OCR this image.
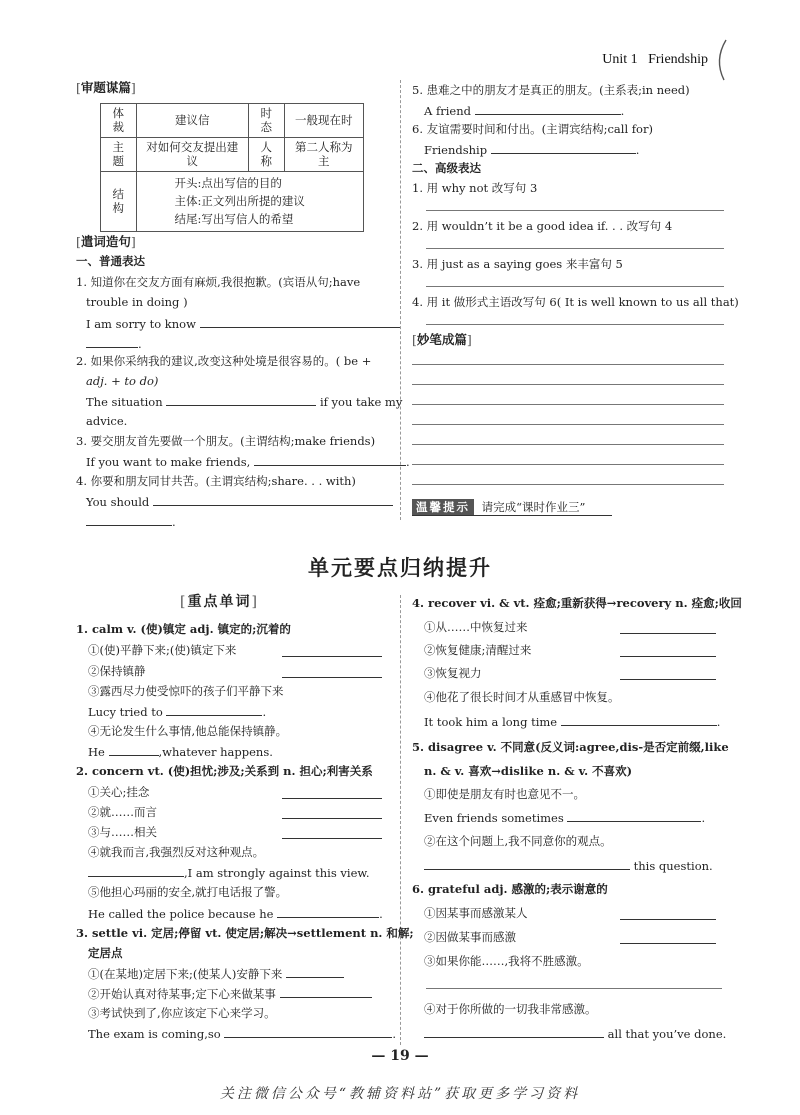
Unit 1 Friendship
[审题谋篇]
体裁	建议信	时态	一般现在时
主题	对如何交友提出建议	人称	第二人称为主
结构	开头:点出写信的目的
主体:正文列出所提的建议
结尾:写出写信人的希望		
[遣词造句]
一、普通表达
1. 知道你在交友方面有麻烦,我很抱歉。(宾语从句;have
trouble in doing )
I am sorry to know
.
2. 如果你采纳我的建议,改变这种处境是很容易的。( be +
adj. + to do)
The situation	if you take my
advice.
3. 要交朋友首先要做一个朋友。(主谓结构;make friends)
If you want to make friends,	.
4. 你要和朋友同甘共苦。(主谓宾结构;share. . . with)
You should
.
5. 患难之中的朋友才是真正的朋友。(主系表;in need)
A friend	.
6. 友谊需要时间和付出。(主谓宾结构;call for)
Friendship	.
二、高级表达
1. 用 why not 改写句 3
2. 用 wouldn’t it be a good idea if. . . 改写句 4
3. 用 just as a saying goes 来丰富句 5
4. 用 it 做形式主语改写句 6( It is well known to us all that)
[妙笔成篇]
温馨提示 请完成“课时作业三”
单元要点归纳提升
[重点单词]
1. calm v. (使)镇定 adj. 镇定的;沉着的
①(使)平静下来;(使)镇定下来
②保持镇静
③露西尽力使受惊吓的孩子们平静下来
Lucy tried to	.
④无论发生什么事情,他总能保持镇静。
He	,whatever happens.
2. concern vt. (使)担忧;涉及;关系到 n. 担心;利害关系
①关心;挂念
②就……而言
③与……相关
④就我而言,我强烈反对这种观点。
,I am strongly against this view.
⑤他担心玛丽的安全,就打电话报了警。
He called the police because he	.
3. settle vi. 定居;停留 vt. 使定居;解决→settlement n. 和解;
定居点
①(在某地)定居下来;(使某人)安静下来
②开始认真对待某事;定下心来做某事
③考试快到了,你应该定下心来学习。
The exam is coming,so	.
4. recover vi. & vt. 痊愈;重新获得→recovery n. 痊愈;收回
①从……中恢复过来
②恢复健康;清醒过来
③恢复视力
④他花了很长时间才从重感冒中恢复。
It took him a long time	.
5. disagree v. 不同意(反义词:agree,dis-是否定前缀,like
n. & v. 喜欢→dislike n. & v. 不喜欢)
①即使是朋友有时也意见不一。
Even friends sometimes	.
②在这个问题上,我不同意你的观点。
this question.
6. grateful adj. 感激的;表示谢意的
①因某事而感激某人
②因做某事而感激
③如果你能……,我将不胜感激。
④对于你所做的一切我非常感激。
all that you’ve done.
— 19 —
关注微信公众号“教辅资料站”获取更多学习资料
